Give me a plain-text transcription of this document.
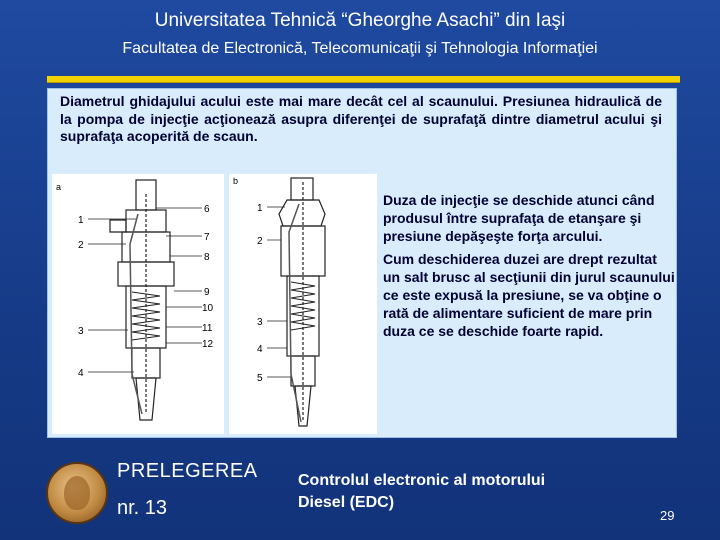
Universitatea Tehnică “Gheorghe Asachi” din Iaşi
Facultatea de Electronică, Telecomunicaţii şi Tehnologia Informaţiei
Diametrul ghidajului acului este mai mare decât cel al scaunului. Presiunea hidraulică de la pompa de injecţie acţionează asupra diferenţei de suprafaţă dintre diametrul acului şi suprafaţa acoperită de scaun.
a
1
2
3
4
6
7
8
9
10
11
12
b
1
2
3
4
5

Duza de injecţie se deschide atunci când produsul între suprafaţa de etanşare şi presiune depăşeşte forţa arcului.

Cum deschiderea duzei are drept rezultat un salt brusc al secţiunii din jurul scaunului ce este expusă la presiune, se va obţine o rată de alimentare suficient de mare prin duza ce se deschide foarte rapid.

PRELEGEREA
nr. 13
Controlul electronic al motorului
Diesel (EDC)
29
